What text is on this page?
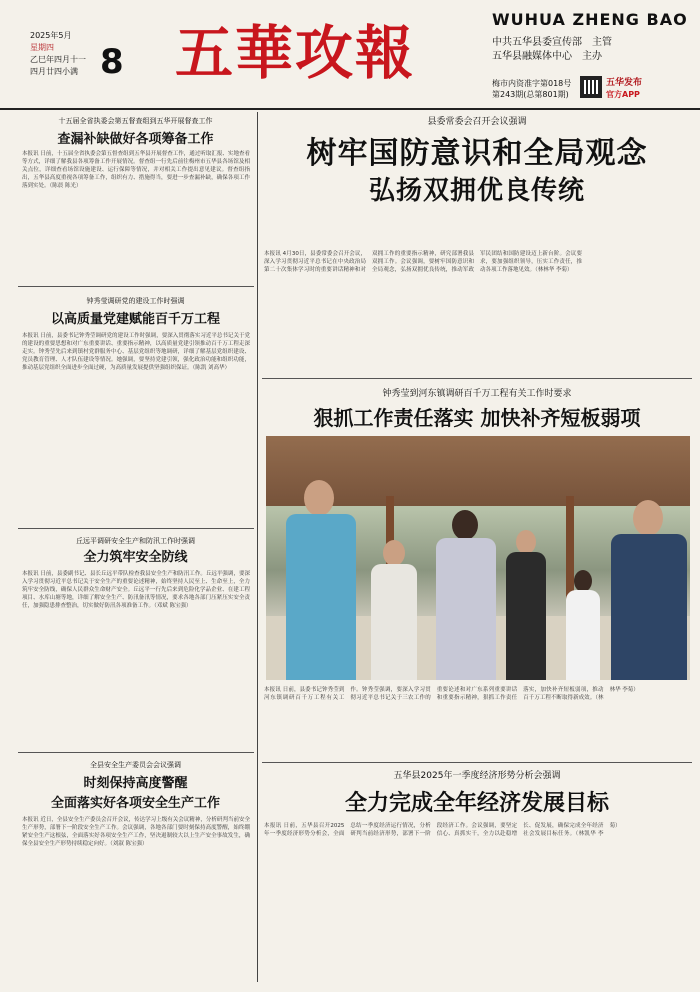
2025年5月
星期四
乙巳年四月十一
四月廿四小满 8 五華攻報	WUHUA ZHENG BAO
中共五华县委宣传部　 主管
五华县融媒体中心　 主办
梅市内资准字第018号
第243期(总第801期)
五华发布
官方APP
十五届全省执委会第五督查组到五华开展督查工作
查漏补缺做好各项筹备工作
本报讯 日前，十五届全省执委会第五督查组到五华县开展督查工作，通过听取汇报、实地查看等方式，详细了解我县各项筹备工作开展情况。督查组一行先后前往梅州市五华县各场馆及相关点位，详细查看场馆设施建设、运行保障等情况，并对相关工作提出意见建议。督查组指出，五华县高度重视各项筹备工作，组织有力、措施得当，要进一步查漏补缺，确保各项工作落到实处。（陈晨 陈光）
钟秀莹调研党的建设工作时强调
以高质量党建赋能百千万工程
本报讯 日前，县委书记钟秀莹调研党的建设工作时强调，要深入贯彻落实习近平总书记关于党的建设的重要思想和对广东重要讲话、重要指示精神，以高质量党建引领推动百千万工程走深走实。钟秀莹先后来到镇村党群服务中心、基层党组织等地调研，详细了解基层党组织建设、党员教育管理、人才队伍建设等情况。她强调，要坚持党建引领，强化政治功能和组织功能，推动基层党组织全面进步全面过硬，为高质量发展提供坚强组织保证。（陈凯 刘高华）
丘远平调研安全生产和防汛工作时强调
全力筑牢安全防线
本报讯 日前，县委副书记、县长丘远平带队检查我县安全生产和防汛工作。丘远平强调，要深入学习贯彻习近平总书记关于安全生产的重要论述精神，始终坚持人民至上、生命至上，全力筑牢安全防线，确保人民群众生命财产安全。丘远平一行先后来到危险化学品企业、在建工程项目、水库山塘等地，详细了解安全生产、防汛备汛等情况，要求各地各部门压紧压实安全责任，加强隐患排查整治，切实做好防汛各项准备工作。（邓斌 陈宝强）
全县安全生产委员会会议强调
时刻保持高度警醒
全面落实好各项安全生产工作
本报讯 近日，全县安全生产委员会召开会议，传达学习上级有关会议精神，分析研判当前安全生产形势，部署下一阶段安全生产工作。会议强调，各地各部门要时刻保持高度警醒，始终绷紧安全生产这根弦，全面落实好各项安全生产工作，坚决遏制较大以上生产安全事故发生，确保全县安全生产形势持续稳定向好。（刘淑 陈宝强）
县委常委会召开会议强调
树牢国防意识和全局观念
弘扬双拥优良传统
本报讯 4月30日，县委常委会召开会议，深入学习贯彻习近平总书记在中央政治局第二十次集体学习时的重要讲话精神和对双拥工作的重要指示精神，研究部署我县双拥工作。会议强调，要树牢国防意识和全局观念，弘扬双拥优良传统，推动军政军民团结和国防建设迈上新台阶。会议要求，要加强组织领导，压实工作责任，推动各项工作落地见效。（林林华 李菊）
钟秀莹到河东镇调研百千万工程有关工作时要求
狠抓工作责任落实 加快补齐短板弱项
本报讯 日前，县委书记钟秀莹到河东镇调研百千万工程有关工作。钟秀莹强调，要深入学习贯彻习近平总书记关于三农工作的重要论述和对广东系列重要讲话和重要指示精神，狠抓工作责任落实，加快补齐短板弱项，推动百千万工程不断取得新成效。（林林华 李菊）
五华县2025年一季度经济形势分析会强调
全力完成全年经济发展目标
本报讯 日前，五华县召开2025年一季度经济形势分析会，全面总结一季度经济运行情况，分析研判当前经济形势，部署下一阶段经济工作。会议强调，要坚定信心、真抓实干，全力以赴稳增长、促发展，确保完成全年经济社会发展目标任务。（林凯华 李菊）
